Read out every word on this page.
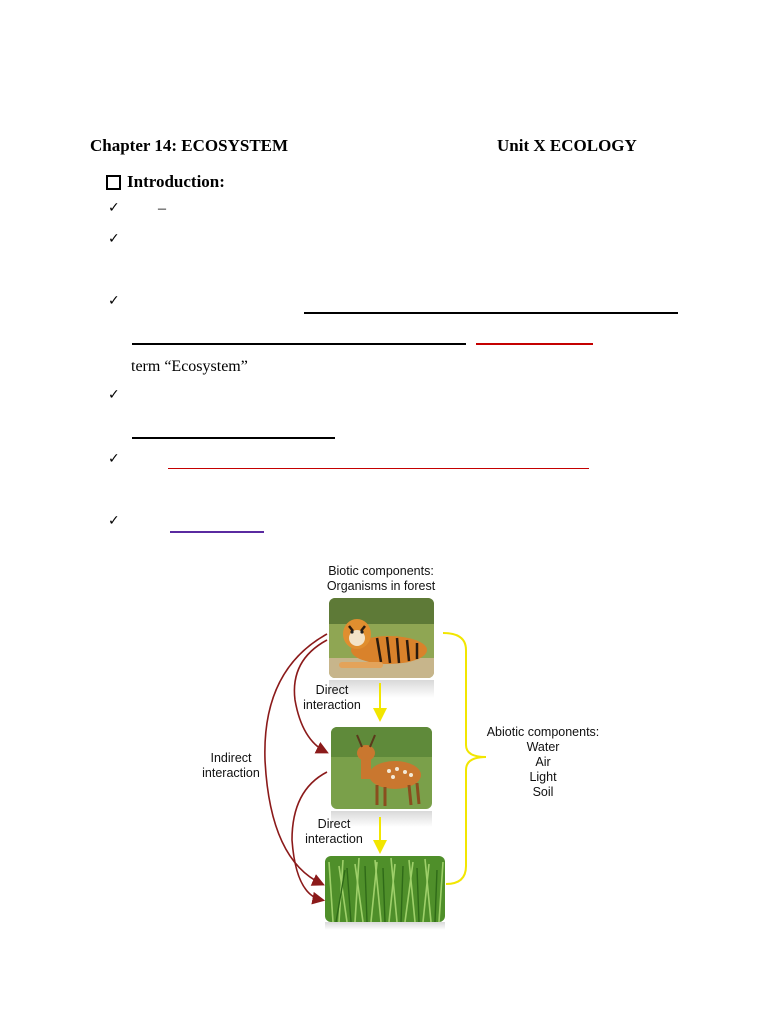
Chapter 14: ECOSYSTEM	Unit X ECOLOGY
Introduction:
✓ –
✓
✓
term “Ecosystem”
✓
✓
✓
Biotic components:
Organisms in forest
Direct
interaction
Direct
interaction
Indirect
interaction
Abiotic components:
Water
Air
Light
Soil
